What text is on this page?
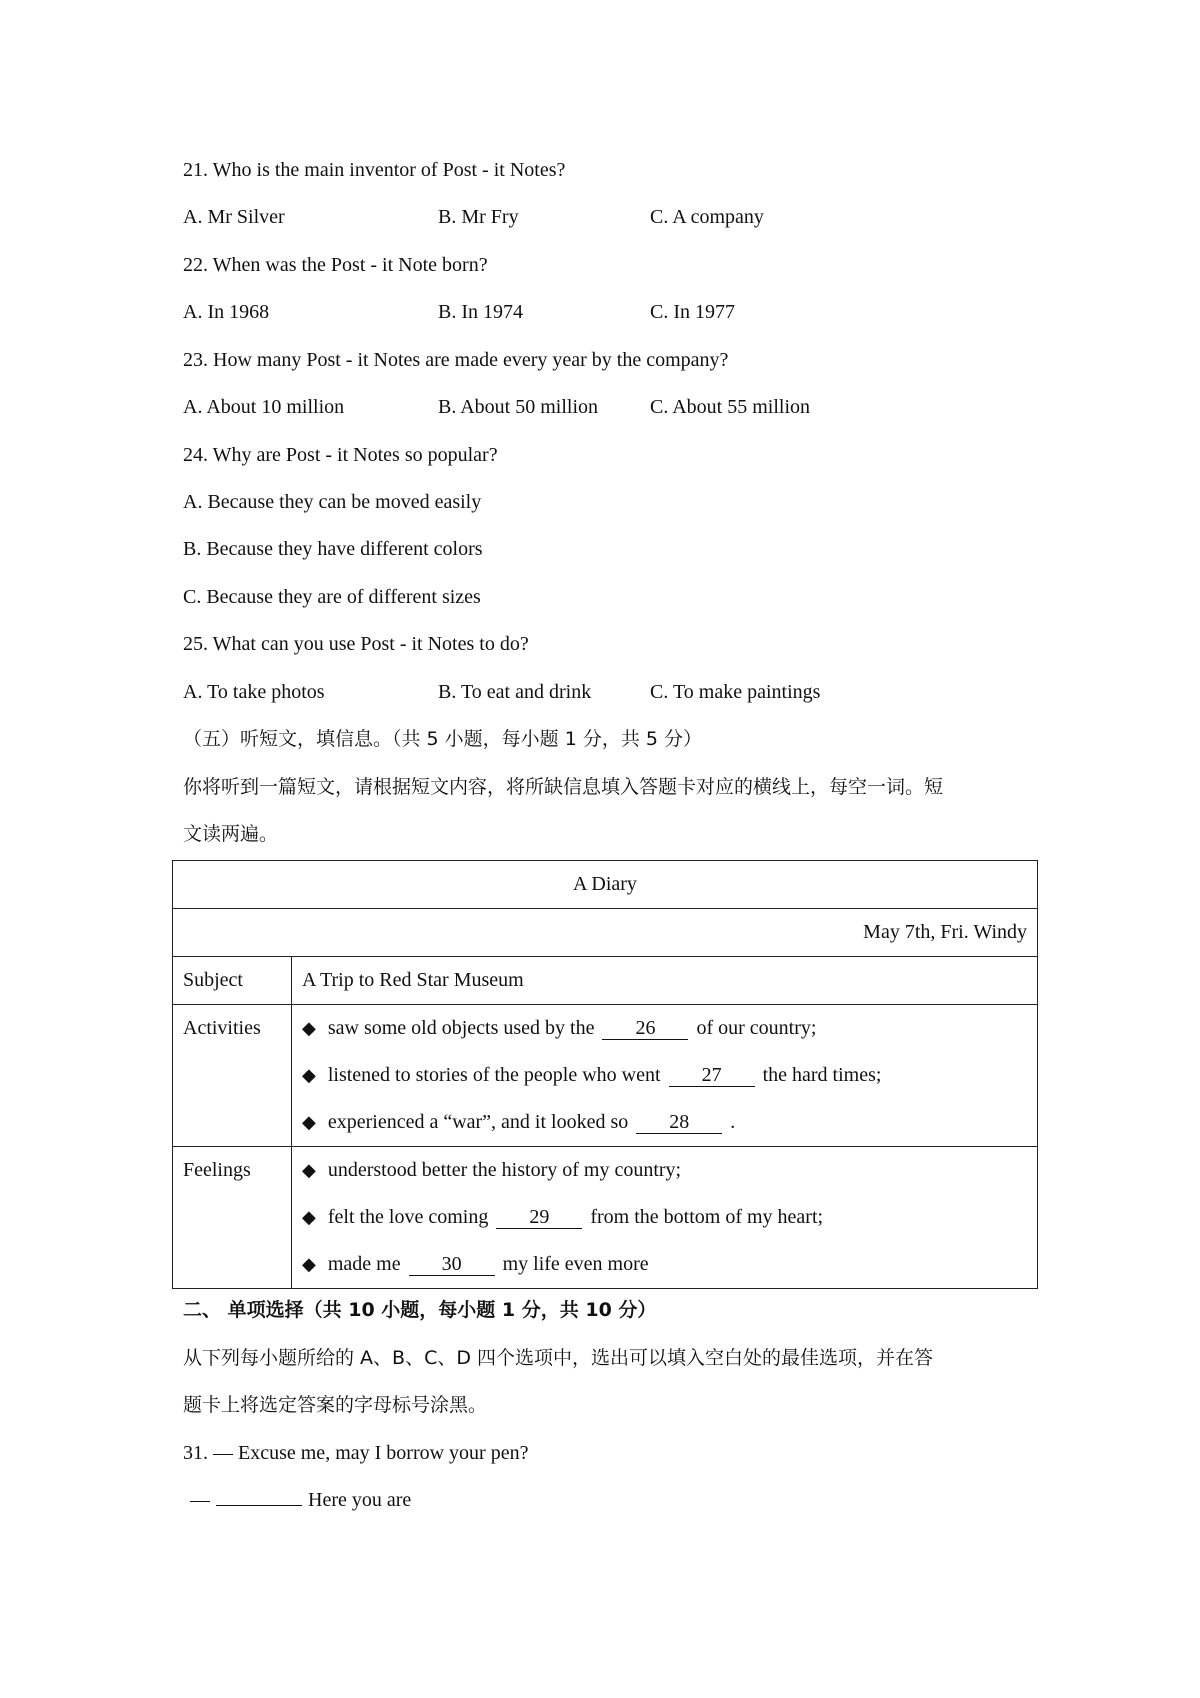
21. Who is the main inventor of Post - it Notes?
A. Mr Silver	B. Mr Fry	C. A company
22. When was the Post - it Note born?
A. In 1968	B. In 1974	C. In 1977
23. How many Post - it Notes are made every year by the company?
A. About 10 million	B. About 50 million	C. About 55 million
24. Why are Post - it Notes so popular?
A. Because they can be moved easily
B. Because they have different colors
C. Because they are of different sizes
25. What can you use Post - it Notes to do?
A. To take photos	B. To eat and drink	C. To make paintings
（五）听短文，填信息。（共 5 小题，每小题 1 分，共 5 分）
你将听到一篇短文，请根据短文内容，将所缺信息填入答题卡对应的横线上，每空一词。短
文读两遍。
A Diary	
May 7th, Fri. Windy	
Subject	A Trip to Red Star Museum
Activities	◆ saw some old objects used by the 26 of our country;
◆ listened to stories of the people who went 27 the hard times;
◆ experienced a “war”, and it looked so 28 .

Feelings	◆ understood better the history of my country;
◆ felt the love coming 29 from the bottom of my heart;
◆ made me 30 my life even more
二、 单项选择（共 10 小题，每小题 1 分，共 10 分）
从下列每小题所给的 A、B、C、D 四个选项中，选出可以填入空白处的最佳选项，并在答
题卡上将选定答案的字母标号涂黑。
31. — Excuse me, may I borrow your pen?
—	Here you are
